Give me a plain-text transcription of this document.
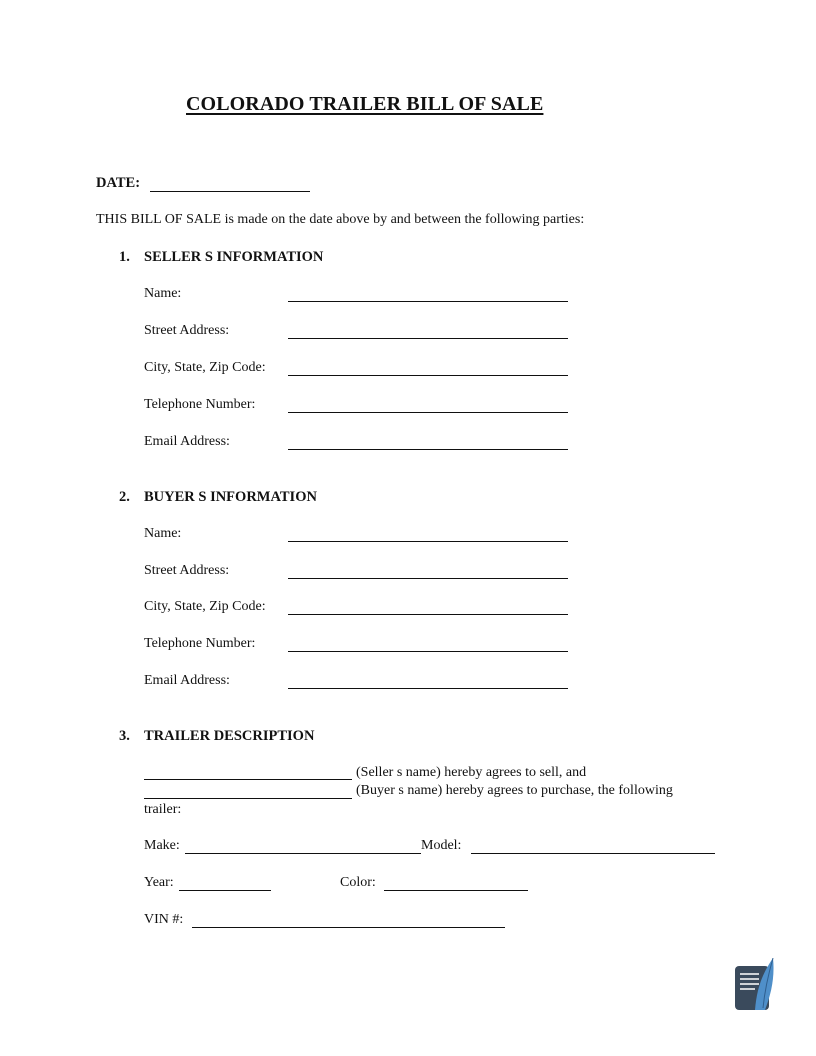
COLORADO TRAILER BILL OF SALE
DATE:
THIS BILL OF SALE is made on the date above by and between the following parties:
1. SELLER S INFORMATION
Name:
Street Address:
City, State, Zip Code:
Telephone Number:
Email Address:
2. BUYER S INFORMATION
Name:
Street Address:
City, State, Zip Code:
Telephone Number:
Email Address:
3. TRAILER DESCRIPTION
(Seller s name) hereby agrees to sell, and
(Buyer s name) hereby agrees to purchase, the following
trailer:
Make:	Model:
Year:	Color:
VIN #:
